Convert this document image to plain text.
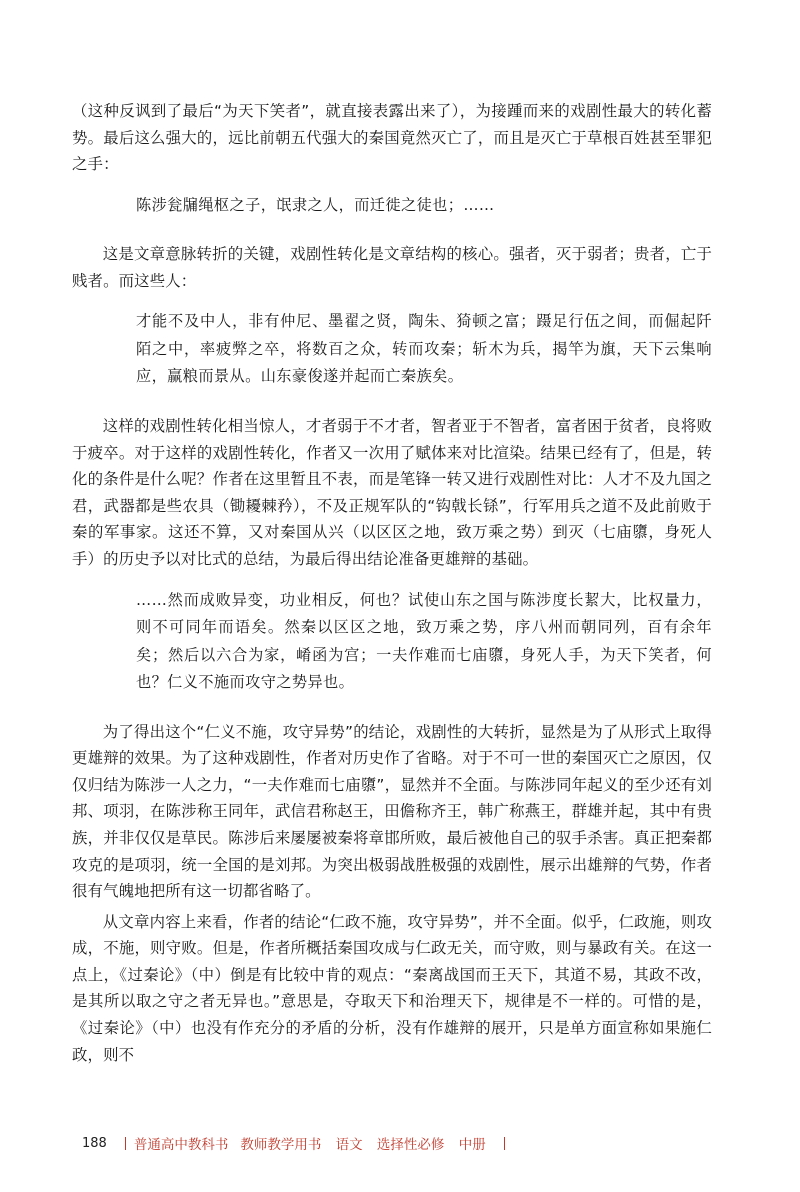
（这种反讽到了最后“为天下笑者”，就直接表露出来了），为接踵而来的戏剧性最大的转化蓄势。最后这么强大的，远比前朝五代强大的秦国竟然灭亡了，而且是灭亡于草根百姓甚至罪犯之手：

陈涉瓮牖绳枢之子，氓隶之人，而迁徙之徒也；……

这是文章意脉转折的关键，戏剧性转化是文章结构的核心。强者，灭于弱者；贵者，亡于贱者。而这些人：

才能不及中人，非有仲尼、墨翟之贤，陶朱、猗顿之富；蹑足行伍之间，而倔起阡陌之中，率疲弊之卒，将数百之众，转而攻秦；斩木为兵，揭竿为旗，天下云集响应，赢粮而景从。山东豪俊遂并起而亡秦族矣。

这样的戏剧性转化相当惊人，才者弱于不才者，智者亚于不智者，富者困于贫者，良将败于疲卒。对于这样的戏剧性转化，作者又一次用了赋体来对比渲染。结果已经有了，但是，转化的条件是什么呢？作者在这里暂且不表，而是笔锋一转又进行戏剧性对比：人才不及九国之君，武器都是些农具（锄耰棘矜），不及正规军队的“钩戟长铩”，行军用兵之道不及此前败于秦的军事家。这还不算，又对秦国从兴（以区区之地，致万乘之势）到灭（七庙隳，身死人手）的历史予以对比式的总结，为最后得出结论准备更雄辩的基础。

……然而成败异变，功业相反，何也？试使山东之国与陈涉度长絜大，比权量力，则不可同年而语矣。然秦以区区之地，致万乘之势，序八州而朝同列，百有余年矣；然后以六合为家，崤函为宫；一夫作难而七庙隳，身死人手，为天下笑者，何也？仁义不施而攻守之势异也。

为了得出这个“仁义不施，攻守异势”的结论，戏剧性的大转折，显然是为了从形式上取得更雄辩的效果。为了这种戏剧性，作者对历史作了省略。对于不可一世的秦国灭亡之原因，仅仅归结为陈涉一人之力，“一夫作难而七庙隳”，显然并不全面。与陈涉同年起义的至少还有刘邦、项羽，在陈涉称王同年，武信君称赵王，田儋称齐王，韩广称燕王，群雄并起，其中有贵族，并非仅仅是草民。陈涉后来屡屡被秦将章邯所败，最后被他自己的驭手杀害。真正把秦都攻克的是项羽，统一全国的是刘邦。为突出极弱战胜极强的戏剧性，展示出雄辩的气势，作者很有气魄地把所有这一切都省略了。

从文章内容上来看，作者的结论“仁政不施，攻守异势”，并不全面。似乎，仁政施，则攻成，不施，则守败。但是，作者所概括秦国攻成与仁政无关，而守败，则与暴政有关。在这一点上，《过秦论》（中）倒是有比较中肯的观点：“秦离战国而王天下，其道不易，其政不改，是其所以取之守之者无异也。”意思是，夺取天下和治理天下，规律是不一样的。可惜的是，《过秦论》（中）也没有作充分的矛盾的分析，没有作雄辩的展开，只是单方面宣称如果施仁政，则不

188 普通高中教科书 教师教学用书 语文 选择性必修 中册
